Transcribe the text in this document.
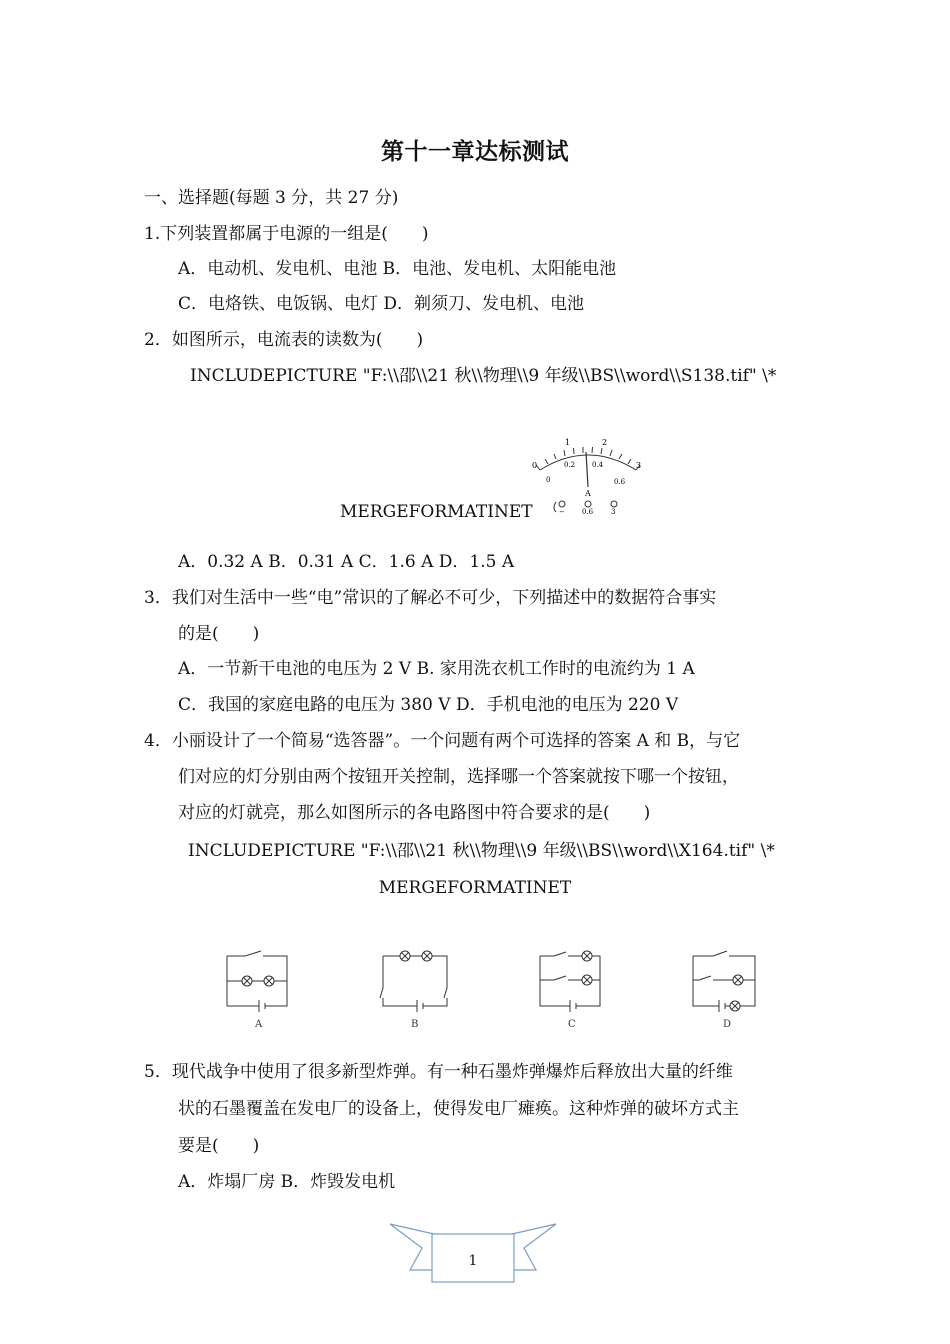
第十一章达标测试
一、选择题(每题 3 分，共 27 分)
1.下列装置都属于电源的一组是(　　)
A．电动机、发电机、电池 B．电池、发电机、太阳能电池
C．电烙铁、电饭锅、电灯 D．剃须刀、发电机、电池
2．如图所示，电流表的读数为(　　)
INCLUDEPICTURE "F:\\邵\\21 秋\\物理\\9 年级\\BS\\word\\S138.tif" \*
MERGEFORMATINET
0
1	2
3
0
0.2 0.4
0.6
A
− 0.6	3
A．0.32 A B．0.31 A C．1.6 A D．1.5 A
3．我们对生活中一些“电”常识的了解必不可少，下列描述中的数据符合事实
的是(　　)
A．一节新干电池的电压为 2 V B. 家用洗衣机工作时的电流约为 1 A
C．我国的家庭电路的电压为 380 V D．手机电池的电压为 220 V
4．小丽设计了一个简易“选答器”。一个问题有两个可选择的答案 A 和 B，与它
们对应的灯分别由两个按钮开关控制，选择哪一个答案就按下哪一个按钮，
对应的灯就亮，那么如图所示的各电路图中符合要求的是(　　)
INCLUDEPICTURE "F:\\邵\\21 秋\\物理\\9 年级\\BS\\word\\X164.tif" \*
MERGEFORMATINET
A	B	C	D
5．现代战争中使用了很多新型炸弹。有一种石墨炸弹爆炸后释放出大量的纤维
状的石墨覆盖在发电厂的设备上，使得发电厂瘫痪。这种炸弹的破坏方式主
要是(　　)
A．炸塌厂房 B．炸毁发电机
1
